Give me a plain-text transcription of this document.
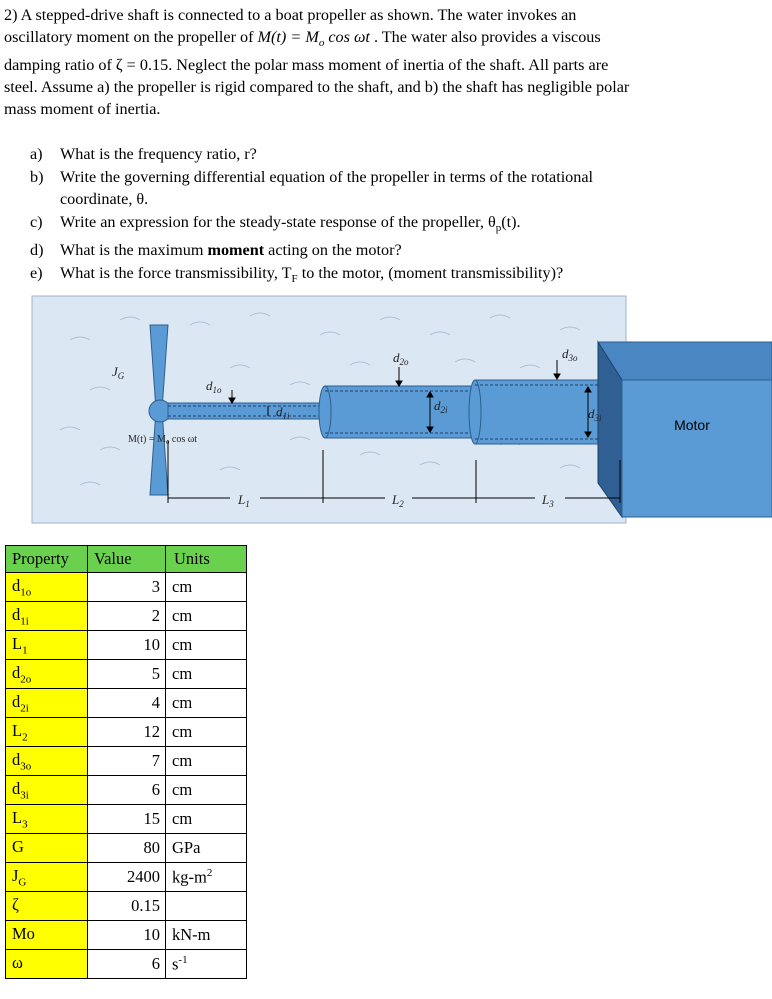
2) A stepped-drive shaft is connected to a boat propeller as shown. The water invokes an
oscillatory moment on the propeller of $M(t) = M_o$ cos ωt . The water also provides a viscous
damping ratio of ζ = 0.15. Neglect the polar mass moment of inertia of the shaft. All parts are
steel. Assume a) the propeller is rigid compared to the shaft, and b) the shaft has negligible polar
mass moment of inertia.
a)	What is the frequency ratio, r?
b)	Write the governing differential equation of the propeller in terms of the rotational
coordinate, θ.
c)	Write an expression for the steady-state response of the propeller, $\theta_p(t)$.
d)	What is the maximum moment acting on the motor?
e)	What is the force transmissibility, $T_F$ to the motor, (moment transmissibility)?
Motor
$J_G$
$d_{1o}$
$d_{1i}$
$d_{2o}$
$d_{2i}$
$d_{3o}$
$d_{3i}$
$L_1$	$L_2$	$L_3$
$M(t) = M_o$ cos ωt
Property	Value	Units
$d_{1o}$	3	cm
$d_{1i}$	2	cm
$L_1$	10	cm
$d_{2o}$	5	cm
$d_{2i}$	4	cm
$L_2$	12	cm
$d_{3o}$	7	cm
$d_{3i}$	6	cm
$L_3$	15	cm
G	80	GPa
$J_G$	2400	$kg-m^2$
ζ	0.15	
Mo	10	kN-m
ω	6	$s^{-1}$
